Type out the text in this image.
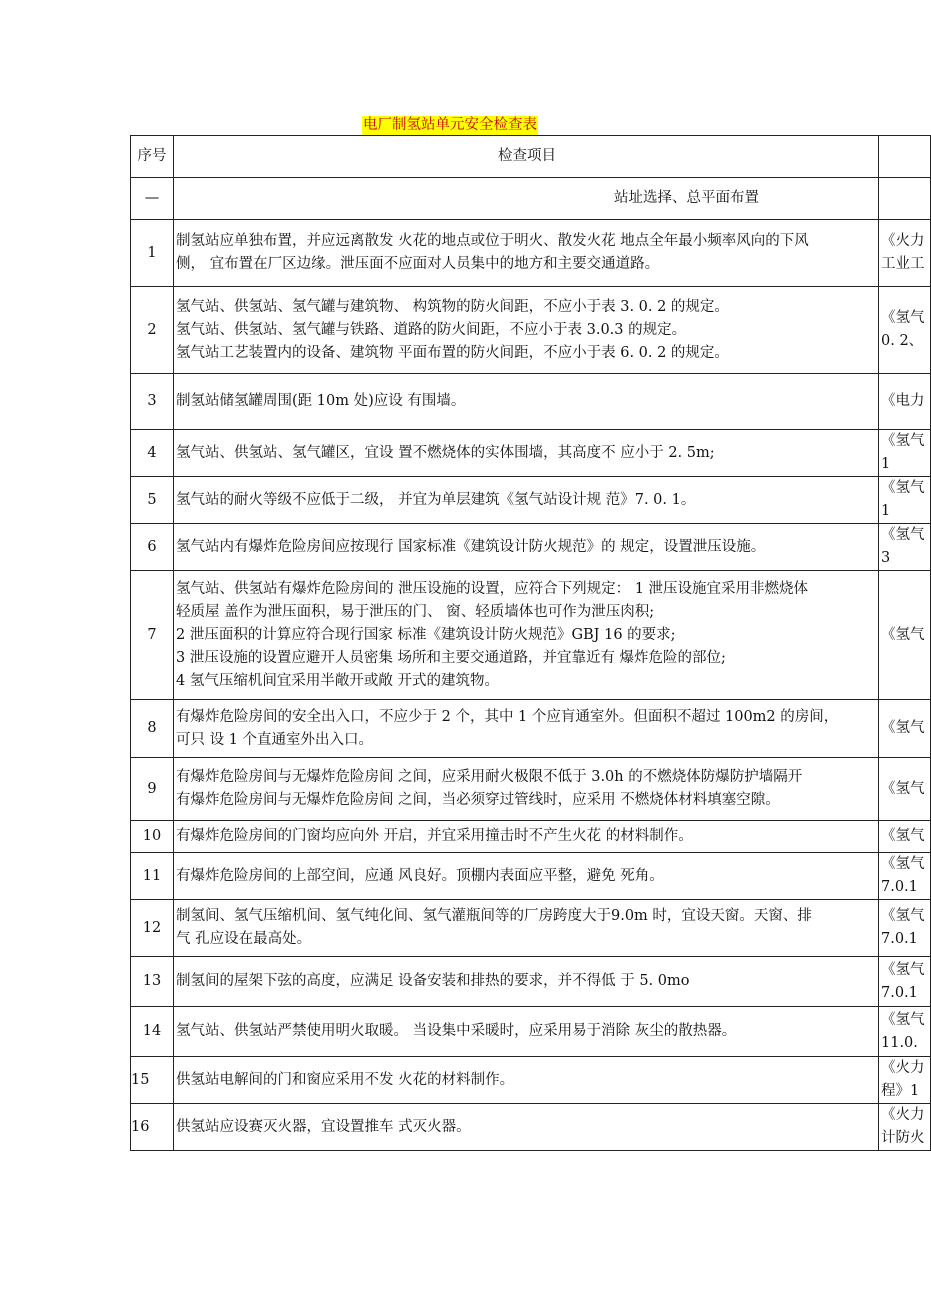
电厂制氢站单元安全检查表
序号	检查项目	
—	站址选择、总平面布置	
1	制氢站应单独布置，并应远离散发 火花的地点或位于明火、散发火花 地点全年最小频率风向的下风
侧， 宜布置在厂区边缘。泄压面不应面对人员集中的地方和主要交通道路。	《火力
工业工

2	氢气站、供氢站、氢气罐与建筑物、 构筑物的防火间距，不应小于表 3. 0. 2 的规定。
氢气站、供氢站、氢气罐与铁路、道路的防火间距，不应小于表 3.0.3 的规定。
氢气站工艺装置内的设备、建筑物 平面布置的防火间距，不应小于表 6. 0. 2 的规定。	《氢气
0. 2、

3	制氢站储氢罐周围(距 10m 处)应设 有围墙。	《电力

4	氢气站、供氢站、氢气罐区，宜设 置不燃烧体的实体围墙，其高度不 应小于 2. 5m;	《氢气
1

5	氢气站的耐火等级不应低于二级， 并宜为单层建筑《氢气站设计规 范》7. 0. 1。	《氢气
1

6	氢气站内有爆炸危险房间应按现行 国家标准《建筑设计防火规范》的 规定，设置泄压设施。	《氢气
3

7	氢气站、供氢站有爆炸危险房间的 泄压设施的设置，应符合下列规定： 1 泄压设施宜采用非燃烧体
轻质屋 盖作为泄压面积，易于泄压的门、 窗、轻质墙体也可作为泄压肉积;
2 泄压面积的计算应符合现行国家 标准《建筑设计防火规范》GBJ 16 的要求;
3 泄压设施的设置应避开人员密集 场所和主要交通道路，并宜靠近有 爆炸危险的部位;
4 氢气压缩机间宜采用半敞开或敞 开式的建筑物。	《氢气

8	有爆炸危险房间的安全出入口，不应少于 2 个，其中 1 个应肓通室外。但面积不超过 100m2 的房间，
可只 设 1 个直通室外出入口。	《氢气

9	有爆炸危险房间与无爆炸危险房间 之间，应采用耐火极限不低于 3.0h 的不燃烧体防爆防护墙隔开
有爆炸危险房间与无爆炸危险房间 之间，当必须穿过管线时，应采用 不燃烧体材料填塞空隙。	《氢气

10	有爆炸危险房间的门窗均应向外 开启，并宜采用撞击时不产生火花 的材料制作。	《氢气

11	有爆炸危险房间的上部空间，应通 风良好。顶棚内表面应平整，避免 死角。	《氢气
7.0.1

12	制氢间、氢气压缩机间、氢气纯化间、氢气灌瓶间等的厂房跨度大于9.0m 时，宜设天窗。天窗、排
气 孔应设在最高处。	《氢气
7.0.1

13	制氢间的屋架下弦的高度，应满足 设备安装和排热的要求，并不得低 于 5. 0mo	《氢气
7.0.1

14	氢气站、供氢站严禁使用明火取暖。 当设集中采暖时，应采用易于消除 灰尘的散热器。	《氢气
11.0.

15	供氢站电解间的门和窗应采用不发 火花的材料制作。	《火力
程》1

16	供氢站应设赛灭火器，宜设置推车 式灭火器。	《火力
计防火
